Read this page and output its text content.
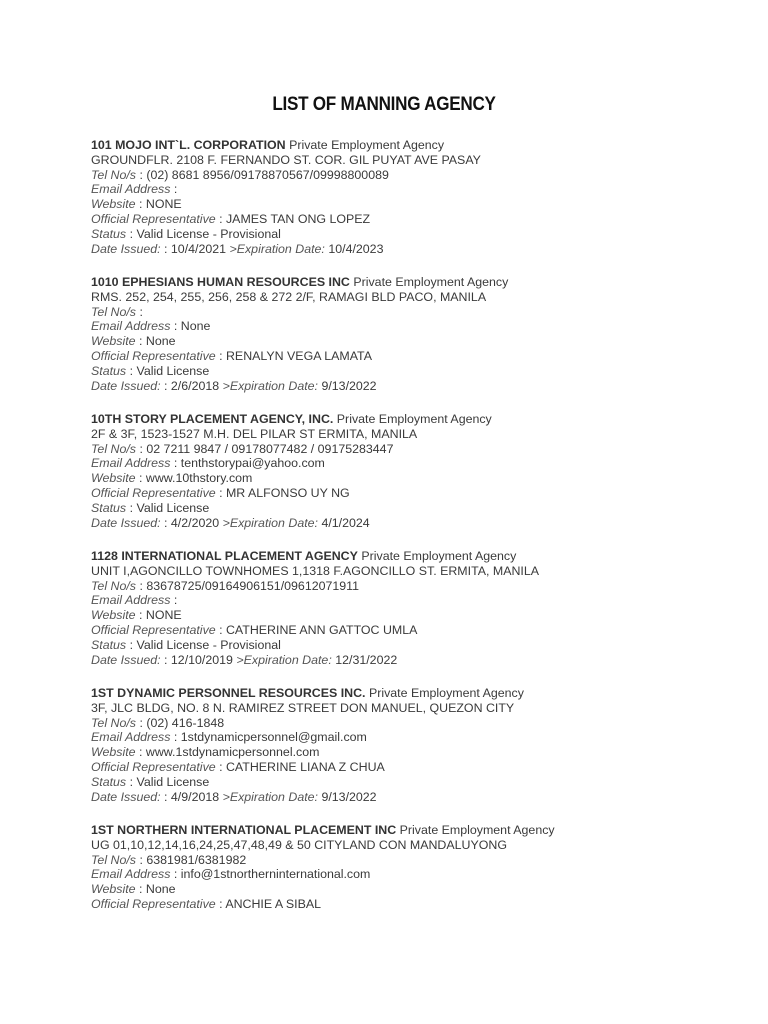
LIST OF MANNING AGENCY
101 MOJO INT`L. CORPORATION Private Employment Agency
GROUNDFLR. 2108 F. FERNANDO ST. COR. GIL PUYAT AVE PASAY
Tel No/s : (02) 8681 8956/09178870567/09998800089
Email Address :
Website : NONE
Official Representative : JAMES TAN ONG LOPEZ
Status : Valid License - Provisional
Date Issued: : 10/4/2021 >Expiration Date: 10/4/2023
1010 EPHESIANS HUMAN RESOURCES INC Private Employment Agency
RMS. 252, 254, 255, 256, 258 & 272 2/F, RAMAGI BLD PACO, MANILA
Tel No/s :
Email Address : None
Website : None
Official Representative : RENALYN VEGA LAMATA
Status : Valid License
Date Issued: : 2/6/2018 >Expiration Date: 9/13/2022
10TH STORY PLACEMENT AGENCY, INC. Private Employment Agency
2F & 3F, 1523-1527 M.H. DEL PILAR ST ERMITA, MANILA
Tel No/s : 02 7211 9847 / 09178077482 / 09175283447
Email Address : tenthstorypai@yahoo.com
Website : www.10thstory.com
Official Representative : MR ALFONSO UY NG
Status : Valid License
Date Issued: : 4/2/2020 >Expiration Date: 4/1/2024
1128 INTERNATIONAL PLACEMENT AGENCY Private Employment Agency
UNIT I,AGONCILLO TOWNHOMES 1,1318 F.AGONCILLO ST. ERMITA, MANILA
Tel No/s : 83678725/09164906151/09612071911
Email Address :
Website : NONE
Official Representative : CATHERINE ANN GATTOC UMLA
Status : Valid License - Provisional
Date Issued: : 12/10/2019 >Expiration Date: 12/31/2022
1ST DYNAMIC PERSONNEL RESOURCES INC. Private Employment Agency
3F, JLC BLDG, NO. 8 N. RAMIREZ STREET DON MANUEL, QUEZON CITY
Tel No/s : (02) 416-1848
Email Address : 1stdynamicpersonnel@gmail.com
Website : www.1stdynamicpersonnel.com
Official Representative : CATHERINE LIANA Z CHUA
Status : Valid License
Date Issued: : 4/9/2018 >Expiration Date: 9/13/2022
1ST NORTHERN INTERNATIONAL PLACEMENT INC Private Employment Agency
UG 01,10,12,14,16,24,25,47,48,49 & 50 CITYLAND CON MANDALUYONG
Tel No/s : 6381981/6381982
Email Address : info@1stnortherninternational.com
Website : None
Official Representative : ANCHIE A SIBAL
